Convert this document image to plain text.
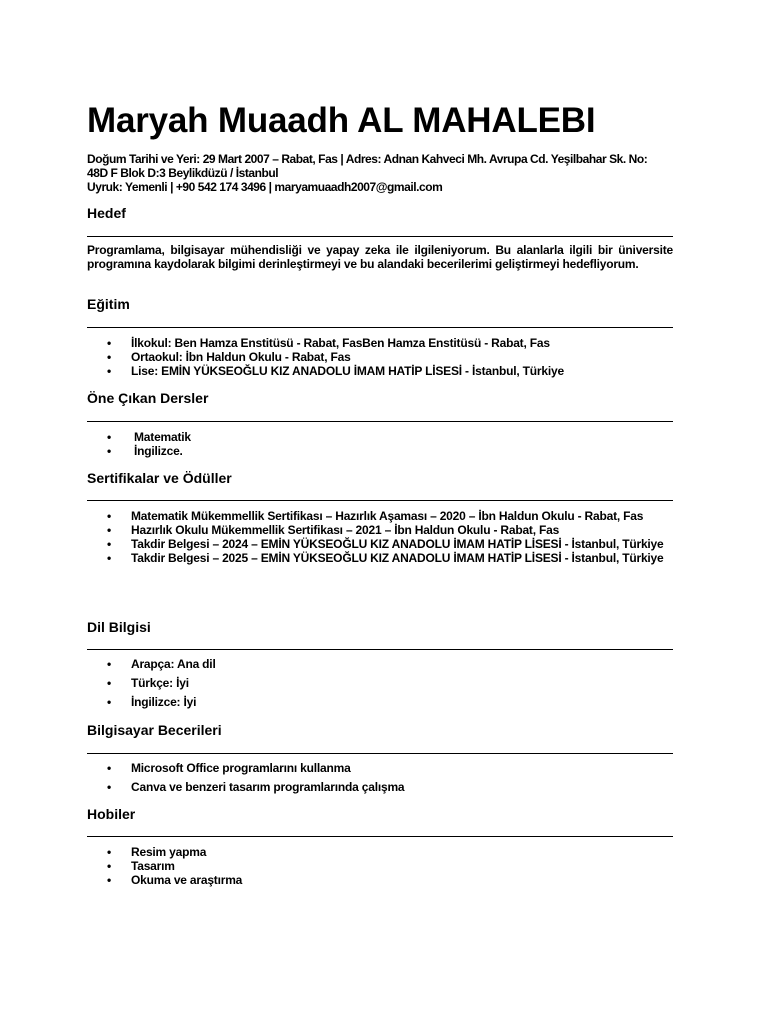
Maryah Muaadh AL MAHALEBI
Doğum Tarihi ve Yeri: 29 Mart 2007 – Rabat, Fas | Adres: Adnan Kahveci Mh. Avrupa Cd. Yeşilbahar Sk. No:
48D F Blok D:3 Beylikdüzü / İstanbul
Uyruk: Yemenli | +90 542 174 3496 | maryamuaadh2007@gmail.com
Hedef
Programlama, bilgisayar mühendisliği ve yapay zeka ile ilgileniyorum. Bu alanlarla ilgili bir üniversite programına kaydolarak bilgimi derinleştirmeyi ve bu alandaki becerilerimi geliştirmeyi hedefliyorum.
Eğitim
• İlkokul: Ben Hamza Enstitüsü - Rabat, FasBen Hamza Enstitüsü - Rabat, Fas
• Ortaokul: İbn Haldun Okulu - Rabat, Fas
• Lise: EMİN YÜKSEOĞLU KIZ ANADOLU İMAM HATİP LİSESİ - İstanbul, Türkiye
Öne Çıkan Dersler
• Matematik
• İngilizce.
Sertifikalar ve Ödüller
• Matematik Mükemmellik Sertifikası – Hazırlık Aşaması – 2020 – İbn Haldun Okulu - Rabat, Fas
• Hazırlık Okulu Mükemmellik Sertifikası – 2021 – İbn Haldun Okulu - Rabat, Fas
• Takdir Belgesi – 2024 – EMİN YÜKSEOĞLU KIZ ANADOLU İMAM HATİP LİSESİ - İstanbul, Türkiye
• Takdir Belgesi – 2025 – EMİN YÜKSEOĞLU KIZ ANADOLU İMAM HATİP LİSESİ - İstanbul, Türkiye
Dil Bilgisi
• Arapça: Ana dil
• Türkçe: İyi
• İngilizce: İyi
Bilgisayar Becerileri
• Microsoft Office programlarını kullanma
• Canva ve benzeri tasarım programlarında çalışma
Hobiler
• Resim yapma
• Tasarım
• Okuma ve araştırma
